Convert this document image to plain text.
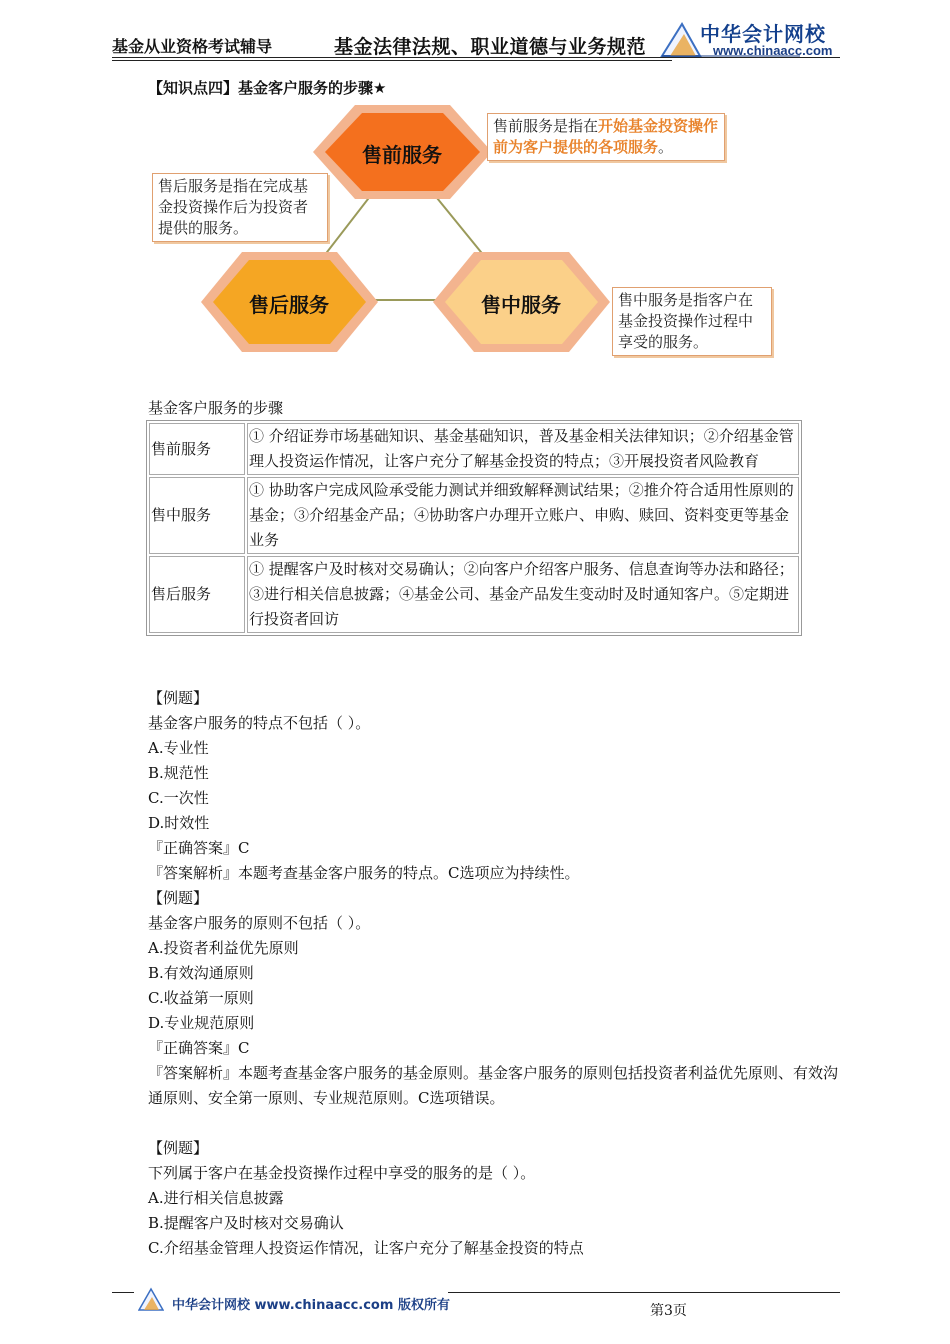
基金从业资格考试辅导	基金法律法规、职业道德与业务规范
中华会计网校
www.chinaacc.com
【知识点四】基金客户服务的步骤★
售前服务
售后服务	售中服务
售前服务是指在开始基金投资操作前为客户提供的各项服务。
售后服务是指在完成基金投资操作后为投资者提供的服务。
售中服务是指客户在基金投资操作过程中享受的服务。
基金客户服务的步骤
售前服务	① 介绍证券市场基础知识、基金基础知识，普及基金相关法律知识；②介绍基金管理人投资运作情况，让客户充分了解基金投资的特点；③开展投资者风险教育
售中服务	① 协助客户完成风险承受能力测试并细致解释测试结果；②推介符合适用性原则的基金；③介绍基金产品；④协助客户办理开立账户、申购、赎回、资料变更等基金业务
售后服务	① 提醒客户及时核对交易确认；②向客户介绍客户服务、信息查询等办法和路径；③进行相关信息披露；④基金公司、基金产品发生变动时及时通知客户。⑤定期进行投资者回访
【例题】
基金客户服务的特点不包括（ ）。
A.专业性
B.规范性
C.一次性
D.时效性
『正确答案』C
『答案解析』本题考查基金客户服务的特点。C选项应为持续性。
【例题】
基金客户服务的原则不包括（ ）。
A.投资者利益优先原则
B.有效沟通原则
C.收益第一原则
D.专业规范原则
『正确答案』C
『答案解析』本题考查基金客户服务的基金原则。基金客户服务的原则包括投资者利益优先原则、有效沟通原则、安全第一原则、专业规范原则。C选项错误。
【例题】
下列属于客户在基金投资操作过程中享受的服务的是（ ）。
A.进行相关信息披露
B.提醒客户及时核对交易确认
C.介绍基金管理人投资运作情况，让客户充分了解基金投资的特点
中华会计网校 www.chinaacc.com 版权所有	第3页
